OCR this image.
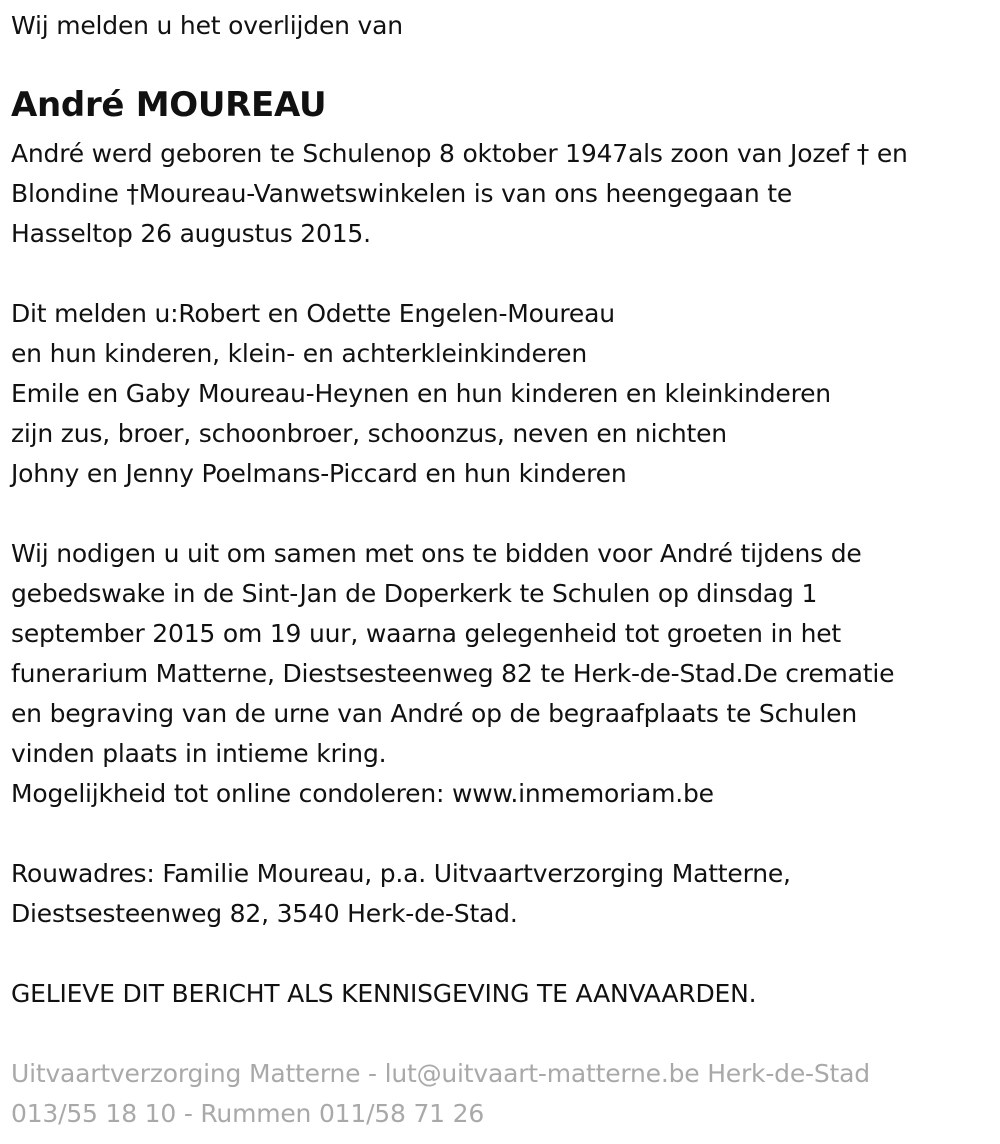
Wij melden u het overlijden van
André MOUREAU
André werd geboren te Schulenop 8 oktober 1947als zoon van Jozef † en
Blondine †Moureau-Vanwetswinkelen is van ons heengegaan te
Hasseltop 26 augustus 2015.
Dit melden u:Robert en Odette Engelen-Moureau
en hun kinderen, klein- en achterkleinkinderen
Emile en Gaby Moureau-Heynen en hun kinderen en kleinkinderen
zijn zus, broer, schoonbroer, schoonzus, neven en nichten
Johny en Jenny Poelmans-Piccard en hun kinderen
Wij nodigen u uit om samen met ons te bidden voor André tijdens de
gebedswake in de Sint-Jan de Doperkerk te Schulen op dinsdag 1
september 2015 om 19 uur, waarna gelegenheid tot groeten in het
funerarium Matterne, Diestsesteenweg 82 te Herk-de-Stad.De crematie
en begraving van de urne van André op de begraafplaats te Schulen
vinden plaats in intieme kring.
Mogelijkheid tot online condoleren: www.inmemoriam.be
Rouwadres: Familie Moureau, p.a. Uitvaartverzorging Matterne,
Diestsesteenweg 82, 3540 Herk-de-Stad.
GELIEVE DIT BERICHT ALS KENNISGEVING TE AANVAARDEN.
Uitvaartverzorging Matterne - lut@uitvaart-matterne.be Herk-de-Stad
013/55 18 10 - Rummen 011/58 71 26
